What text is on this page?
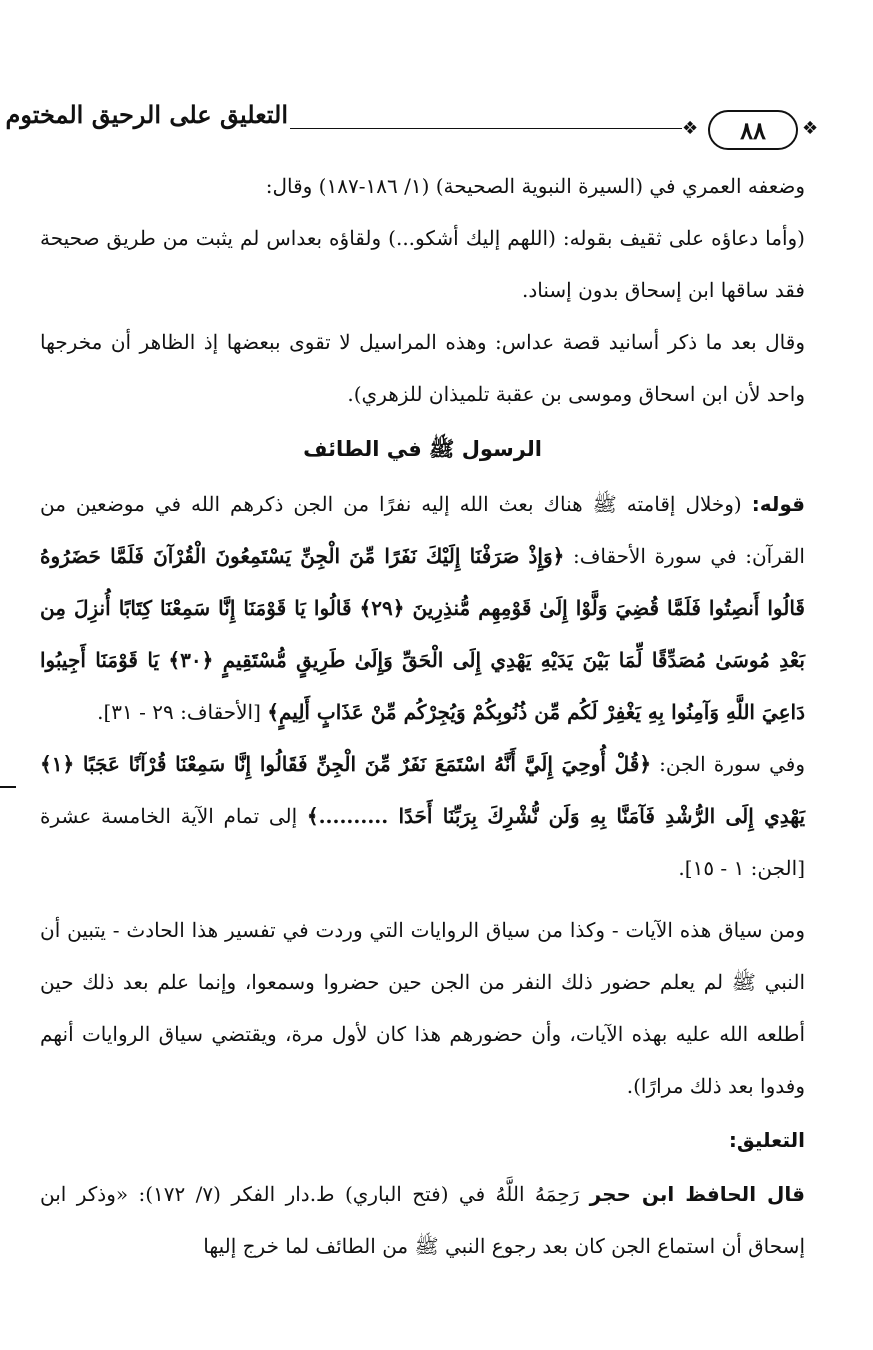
التعليق على الرحيق المختوم	❖	٨٨	❖

وضعفه العمري في (السيرة النبوية الصحيحة) (١/ ١٨٦-١٨٧) وقال:

(وأما دعاؤه على ثقيف بقوله: (اللهم إليك أشكو...) ولقاؤه بعداس لم يثبت من طريق صحيحة فقد ساقها ابن إسحاق بدون إسناد.

وقال بعد ما ذكر أسانيد قصة عداس: وهذه المراسيل لا تقوى ببعضها إذ الظاهر أن مخرجها واحد لأن ابن اسحاق وموسى بن عقبة تلميذان للزهري).

الرسول ﷺ في الطائف

قوله: (وخلال إقامته ﷺ هناك بعث الله إليه نفرًا من الجن ذكرهم الله في موضعين من القرآن: في سورة الأحقاف: ﴿وَإِذْ صَرَفْنَا إِلَيْكَ نَفَرًا مِّنَ الْجِنِّ يَسْتَمِعُونَ الْقُرْآنَ فَلَمَّا حَضَرُوهُ قَالُوا أَنصِتُوا فَلَمَّا قُضِيَ وَلَّوْا إِلَىٰ قَوْمِهِم مُّنذِرِينَ ﴿٢٩﴾ قَالُوا يَا قَوْمَنَا إِنَّا سَمِعْنَا كِتَابًا أُنزِلَ مِن بَعْدِ مُوسَىٰ مُصَدِّقًا لِّمَا بَيْنَ يَدَيْهِ يَهْدِي إِلَى الْحَقِّ وَإِلَىٰ طَرِيقٍ مُّسْتَقِيمٍ ﴿٣٠﴾ يَا قَوْمَنَا أَجِيبُوا دَاعِيَ اللَّهِ وَآمِنُوا بِهِ يَغْفِرْ لَكُم مِّن ذُنُوبِكُمْ وَيُجِرْكُم مِّنْ عَذَابٍ أَلِيمٍ﴾ [الأحقاف: ٢٩ - ٣١].

وفي سورة الجن: ﴿قُلْ أُوحِيَ إِلَيَّ أَنَّهُ اسْتَمَعَ نَفَرٌ مِّنَ الْجِنِّ فَقَالُوا إِنَّا سَمِعْنَا قُرْآنًا عَجَبًا ﴿١﴾ يَهْدِي إِلَى الرُّشْدِ فَآمَنَّا بِهِ وَلَن نُّشْرِكَ بِرَبِّنَا أَحَدًا ..........﴾ إلى تمام الآية الخامسة عشرة [الجن: ١ - ١٥].

ومن سياق هذه الآيات - وكذا من سياق الروايات التي وردت في تفسير هذا الحادث - يتبين أن النبي ﷺ لم يعلم حضور ذلك النفر من الجن حين حضروا وسمعوا، وإنما علم بعد ذلك حين أطلعه الله عليه بهذه الآيات، وأن حضورهم هذا كان لأول مرة، ويقتضي سياق الروايات أنهم وفدوا بعد ذلك مرارًا).

التعليق:

قال الحافظ ابن حجر رَحِمَهُ اللَّهُ في (فتح الباري) ط.دار الفكر (٧/ ١٧٢): «وذكر ابن إسحاق أن استماع الجن كان بعد رجوع النبي ﷺ من الطائف لما خرج إليها
